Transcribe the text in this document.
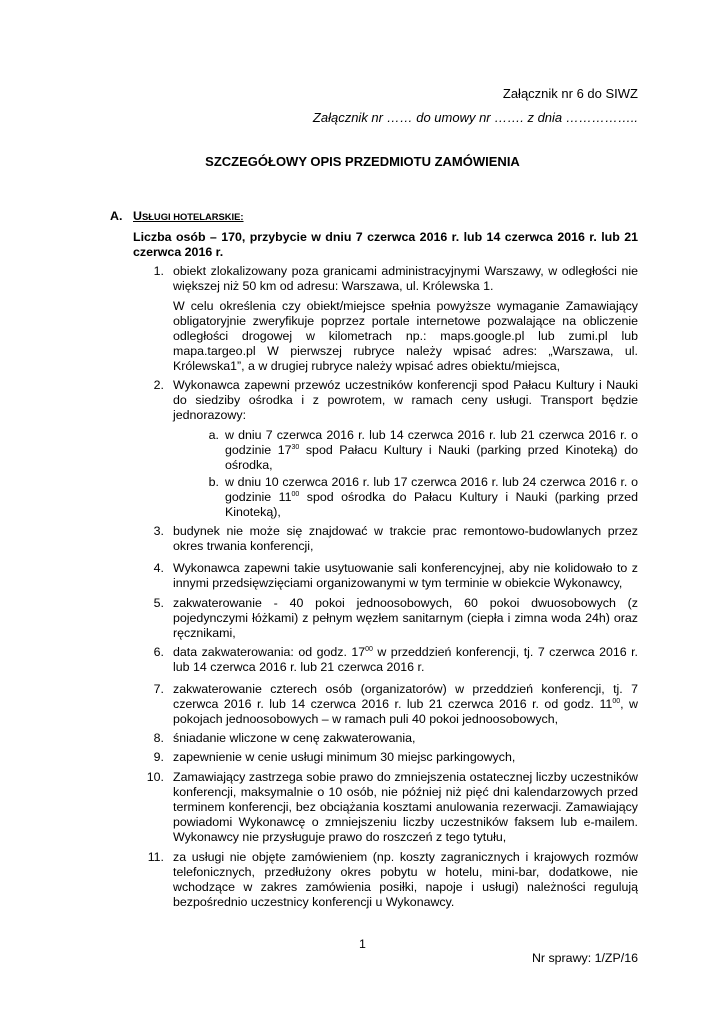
Załącznik nr 6 do SIWZ
Załącznik nr …… do umowy nr ……. z dnia ……………..
SZCZEGÓŁOWY OPIS PRZEDMIOTU ZAMÓWIENIA
A. USŁUGI HOTELARSKIE:
Liczba osób – 170, przybycie w dniu 7 czerwca 2016 r. lub 14 czerwca 2016 r. lub 21 czerwca 2016 r.
1. obiekt zlokalizowany poza granicami administracyjnymi Warszawy, w odległości nie większej niż 50 km od adresu: Warszawa, ul. Królewska 1.
W celu określenia czy obiekt/miejsce spełnia powyższe wymaganie Zamawiający obligatoryjnie zweryfikuje poprzez portale internetowe pozwalające na obliczenie odległości drogowej w kilometrach np.: maps.google.pl lub zumi.pl lub mapa.targeo.pl W pierwszej rubryce należy wpisać adres: „Warszawa, ul. Królewska1”, a w drugiej rubryce należy wpisać adres obiektu/miejsca,
2. Wykonawca zapewni przewóz uczestników konferencji spod Pałacu Kultury i Nauki do siedziby ośrodka i z powrotem, w ramach ceny usługi. Transport będzie jednorazowy:
a. w dniu 7 czerwca 2016 r. lub 14 czerwca 2016 r. lub 21 czerwca 2016 r. o godzinie $17^{30}$ spod Pałacu Kultury i Nauki (parking przed Kinoteką) do ośrodka,
b. w dniu 10 czerwca 2016 r. lub 17 czerwca 2016 r. lub 24 czerwca 2016 r. o godzinie $11^{00}$ spod ośrodka do Pałacu Kultury i Nauki (parking przed Kinoteką),
3. budynek nie może się znajdować w trakcie prac remontowo-budowlanych przez okres trwania konferencji,
4. Wykonawca zapewni takie usytuowanie sali konferencyjnej, aby nie kolidowało to z innymi przedsięwzięciami organizowanymi w tym terminie w obiekcie Wykonawcy,
5. zakwaterowanie - 40 pokoi jednoosobowych, 60 pokoi dwuosobowych (z pojedynczymi łóżkami) z pełnym węzłem sanitarnym (ciepła i zimna woda 24h) oraz ręcznikami,
6. data zakwaterowania: od godz. $17^{00}$ w przeddzień konferencji, tj. 7 czerwca 2016 r. lub 14 czerwca 2016 r. lub 21 czerwca 2016 r.
7. zakwaterowanie czterech osób (organizatorów) w przeddzień konferencji, tj. 7 czerwca 2016 r. lub 14 czerwca 2016 r. lub 21 czerwca 2016 r. od godz. $11^{00}$, w pokojach jednoosobowych – w ramach puli 40 pokoi jednoosobowych,
8. śniadanie wliczone w cenę zakwaterowania,
9. zapewnienie w cenie usługi minimum 30 miejsc parkingowych,
10. Zamawiający zastrzega sobie prawo do zmniejszenia ostatecznej liczby uczestników konferencji, maksymalnie o 10 osób, nie później niż pięć dni kalendarzowych przed terminem konferencji, bez obciążania kosztami anulowania rezerwacji. Zamawiający powiadomi Wykonawcę o zmniejszeniu liczby uczestników faksem lub e-mailem. Wykonawcy nie przysługuje prawo do roszczeń z tego tytułu,
11. za usługi nie objęte zamówieniem (np. koszty zagranicznych i krajowych rozmów telefonicznych, przedłużony okres pobytu w hotelu, mini-bar, dodatkowe, nie wchodzące w zakres zamówienia posiłki, napoje i usługi) należności regulują bezpośrednio uczestnicy konferencji u Wykonawcy.
1
Nr sprawy: 1/ZP/16
